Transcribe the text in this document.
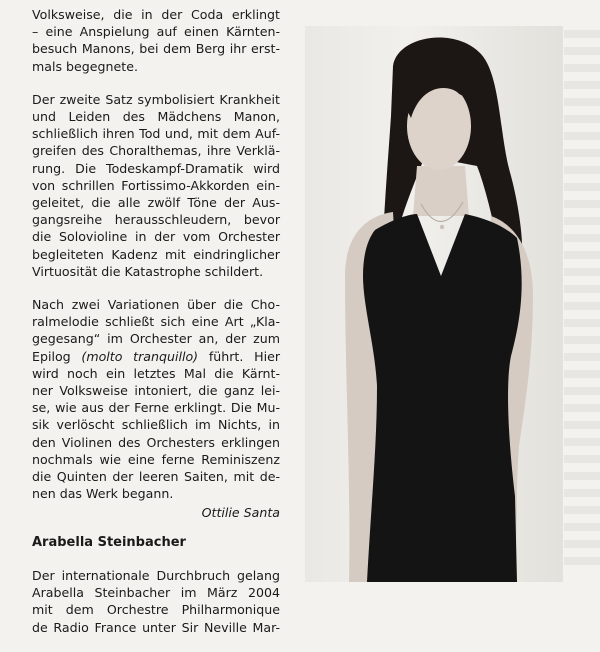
Volksweise, die in der Coda erklingt
– eine Anspielung auf einen Kärnten-
besuch Manons, bei dem Berg ihr erst-
mals begegnete.
Der zweite Satz symbolisiert Krankheit
und Leiden des Mädchens Manon,
schließlich ihren Tod und, mit dem Auf-
greifen des Choralthemas, ihre Verklä-
rung. Die Todeskampf-Dramatik wird
von schrillen Fortissimo-Akkorden ein-
geleitet, die alle zwölf Töne der Aus-
gangsreihe herausschleudern, bevor
die Solovioline in der vom Orchester
begleiteten Kadenz mit eindringlicher
Virtuosität die Katastrophe schildert.
Nach zwei Variationen über die Cho-
ralmelodie schließt sich eine Art „Kla-
gegesang“ im Orchester an, der zum
Epilog (molto tranquillo) führt. Hier
wird noch ein letztes Mal die Kärnt-
ner Volksweise intoniert, die ganz lei-
se, wie aus der Ferne erklingt. Die Mu-
sik verlöscht schließlich im Nichts, in
den Violinen des Orchesters erklingen
nochmals wie eine ferne Reminiszenz
die Quinten der leeren Saiten, mit de-
nen das Werk begann.
Ottilie Santa
Arabella Steinbacher
Der internationale Durchbruch gelang
Arabella Steinbacher im März 2004
mit dem Orchestre Philharmonique
de Radio France unter Sir Neville Mar-
